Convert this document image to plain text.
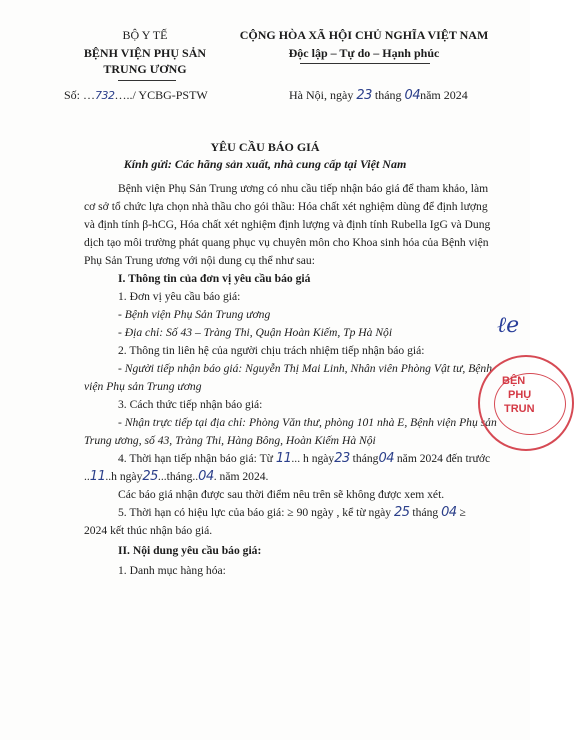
BỘ Y TẾ
BỆNH VIỆN PHỤ SẢN
TRUNG ƯƠNG
Số: …732…../ YCBG-PSTW
CỘNG HÒA XÃ HỘI CHỦ NGHĨA VIỆT NAM
Độc lập – Tự do – Hạnh phúc
Hà Nội, ngày 23 tháng 04năm 2024
YÊU CẦU BÁO GIÁ
Kính gửi: Các hãng sản xuất, nhà cung cấp tại Việt Nam
Bệnh viện Phụ Sản Trung ương có nhu cầu tiếp nhận báo giá để tham khảo, làm
cơ sở tổ chức lựa chọn nhà thầu cho gói thầu: Hóa chất xét nghiệm dùng để định lượng
và định tính β-hCG, Hóa chất xét nghiệm định lượng và định tính Rubella IgG và Dung
dịch tạo môi trường phát quang phục vụ chuyên môn cho Khoa sinh hóa của Bệnh viện
Phụ Sản Trung ương với nội dung cụ thể như sau:
I. Thông tin của đơn vị yêu cầu báo giá
1. Đơn vị yêu cầu báo giá:
- Bệnh viện Phụ Sản Trung ương
- Địa chỉ: Số 43 – Tràng Thi, Quận Hoàn Kiếm, Tp Hà Nội
2. Thông tin liên hệ của người chịu trách nhiệm tiếp nhận báo giá:
- Người tiếp nhận báo giá: Nguyễn Thị Mai Linh, Nhân viên Phòng Vật tư, Bệnh
viện Phụ sản Trung ương
3. Cách thức tiếp nhận báo giá:
- Nhận trực tiếp tại địa chỉ: Phòng Văn thư, phòng 101 nhà E, Bệnh viện Phụ sản
Trung ương, số 43, Tràng Thi, Hàng Bông, Hoàn Kiếm Hà Nội
4. Thời hạn tiếp nhận báo giá: Từ 11... h ngày23 tháng04 năm 2024 đến trước
..11..h ngày25...tháng..04. năm 2024.
Các báo giá nhận được sau thời điểm nêu trên sẽ không được xem xét.
5. Thời hạn có hiệu lực của báo giá: ≥ 90 ngày , kể từ ngày 25 tháng 04 ≥
2024 kết thúc nhận báo giá.
II. Nội dung yêu cầu báo giá:
1. Danh mục hàng hóa:
ℓe
BỆN
PHỤ
TRUN
